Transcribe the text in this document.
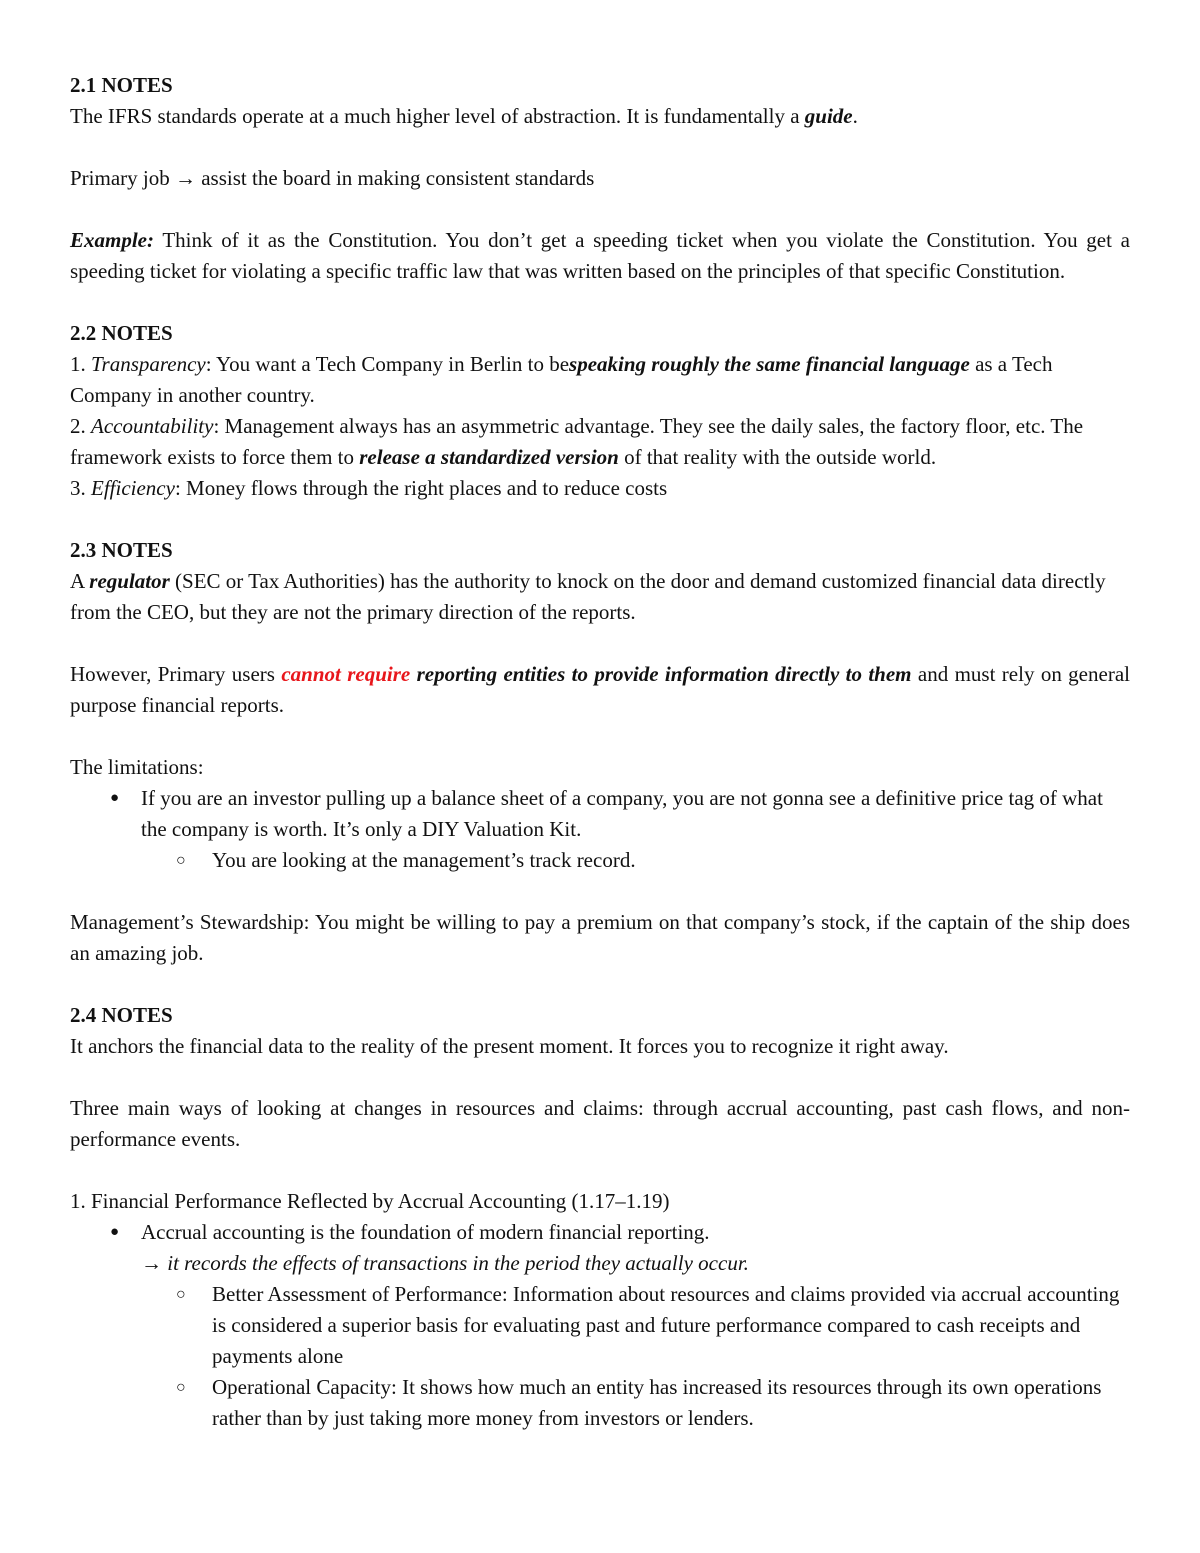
2.1 NOTES

The IFRS standards operate at a much higher level of abstraction. It is fundamentally a guide.

Primary job → assist the board in making consistent standards

Example: Think of it as the Constitution. You don’t get a speeding ticket when you violate the Constitution. You get a speeding ticket for violating a specific traffic law that was written based on the principles of that specific Constitution.

2.2 NOTES

1. Transparency: You want a Tech Company in Berlin to bespeaking roughly the same financial language as a Tech Company in another country.

2. Accountability: Management always has an asymmetric advantage. They see the daily sales, the factory floor, etc. The framework exists to force them to release a standardized version of that reality with the outside world.

3. Efficiency: Money flows through the right places and to reduce costs

2.3 NOTES

A regulator (SEC or Tax Authorities) has the authority to knock on the door and demand customized financial data directly from the CEO, but they are not the primary direction of the reports.

However, Primary users cannot require reporting entities to provide information directly to them and must rely on general purpose financial reports.

The limitations:

● If you are an investor pulling up a balance sheet of a company, you are not gonna see a definitive price tag of what the company is worth. It’s only a DIY Valuation Kit.
○ You are looking at the management’s track record.

Management’s Stewardship: You might be willing to pay a premium on that company’s stock, if the captain of the ship does an amazing job.

2.4 NOTES

It anchors the financial data to the reality of the present moment. It forces you to recognize it right away.

Three main ways of looking at changes in resources and claims: through accrual accounting, past cash flows, and non-performance events.

1. Financial Performance Reflected by Accrual Accounting (1.17–1.19)

● Accrual accounting is the foundation of modern financial reporting.
→ it records the effects of transactions in the period they actually occur.
○ Better Assessment of Performance: Information about resources and claims provided via accrual accounting is considered a superior basis for evaluating past and future performance compared to cash receipts and payments alone
○ Operational Capacity: It shows how much an entity has increased its resources through its own operations rather than by just taking more money from investors or lenders.
